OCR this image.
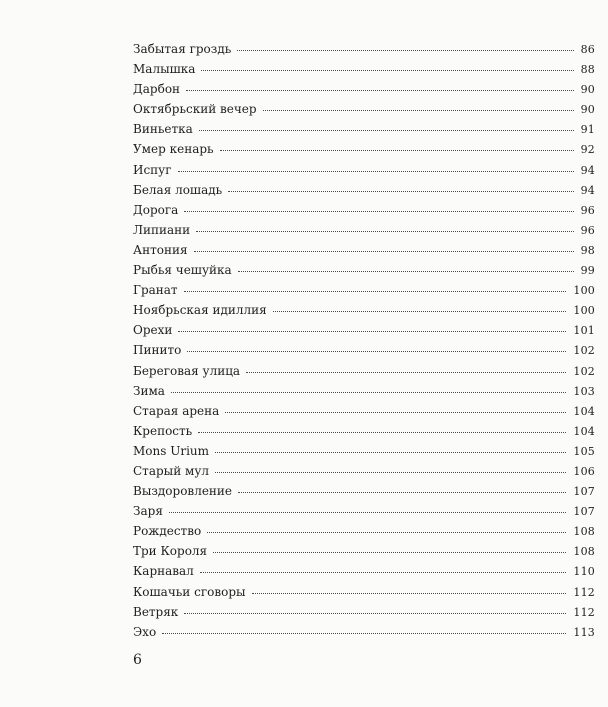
Забытая гроздь	86
Малышка	88
Дарбон	90
Октябрьский вечер	90
Виньетка	91
Умер кенарь	92
Испуг	94
Белая лошадь	94
Дорога	96
Липиани	96
Антония	98
Рыбья чешуйка	99
Гранат	100
Ноябрьская идиллия	100
Орехи	101
Пинито	102
Береговая улица	102
Зима	103
Старая арена	104
Крепость	104
Mons Urium	105
Старый мул	106
Выздоровление	107
Заря	107
Рождество	108
Три Короля	108
Карнавал	110
Кошачьи сговоры	112
Ветряк	112
Эхо	113
6
